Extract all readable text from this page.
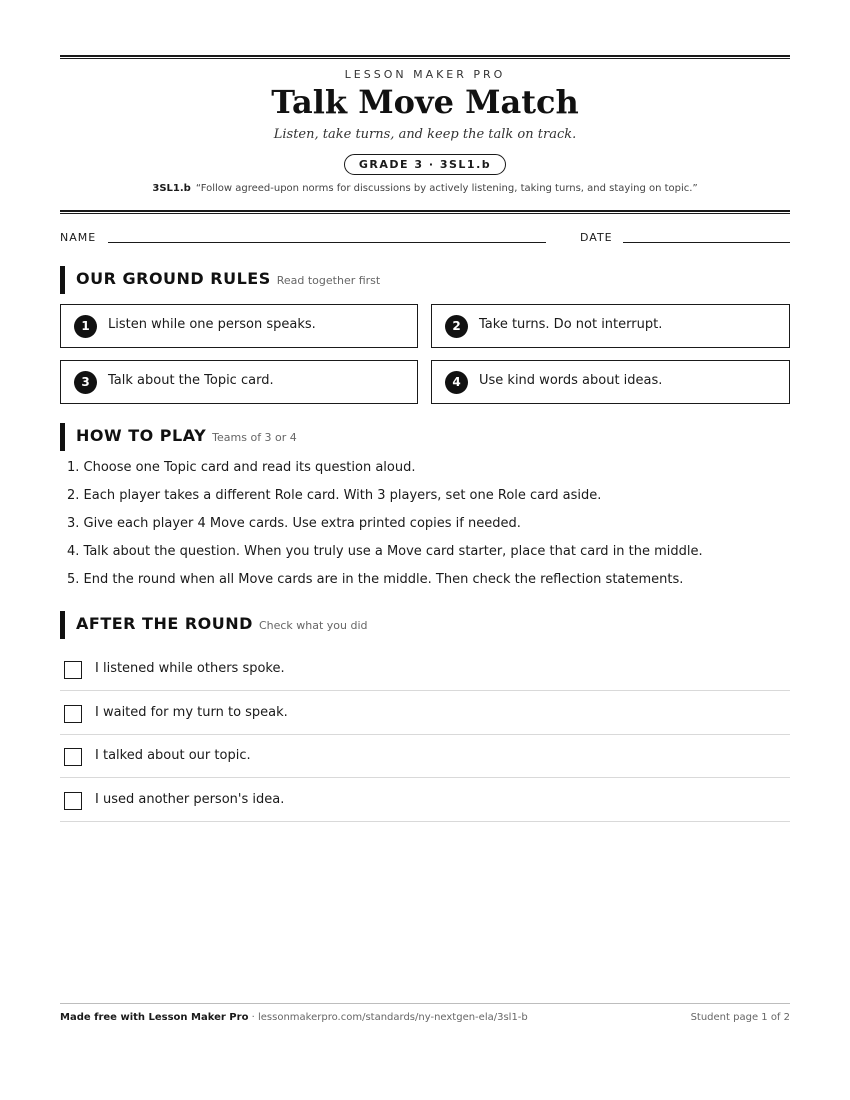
LESSON MAKER PRO
Talk Move Match
Listen, take turns, and keep the talk on track.
GRADE 3 · 3SL1.b
3SL1.b “Follow agreed-upon norms for discussions by actively listening, taking turns, and staying on topic.”
NAME	DATE
OUR GROUND RULES Read together first
1	Listen while one person speaks.	2	Take turns. Do not interrupt.
3	Talk about the Topic card.	4	Use kind words about ideas.
HOW TO PLAY Teams of 3 or 4
1. Choose one Topic card and read its question aloud.
2. Each player takes a different Role card. With 3 players, set one Role card aside.
3. Give each player 4 Move cards. Use extra printed copies if needed.
4. Talk about the question. When you truly use a Move card starter, place that card in the middle.
5. End the round when all Move cards are in the middle. Then check the reflection statements.
AFTER THE ROUND Check what you did
I listened while others spoke.
I waited for my turn to speak.
I talked about our topic.
I used another person's idea.
Made free with Lesson Maker Pro · lessonmakerpro.com/standards/ny-nextgen-ela/3sl1-b	Student page 1 of 2
